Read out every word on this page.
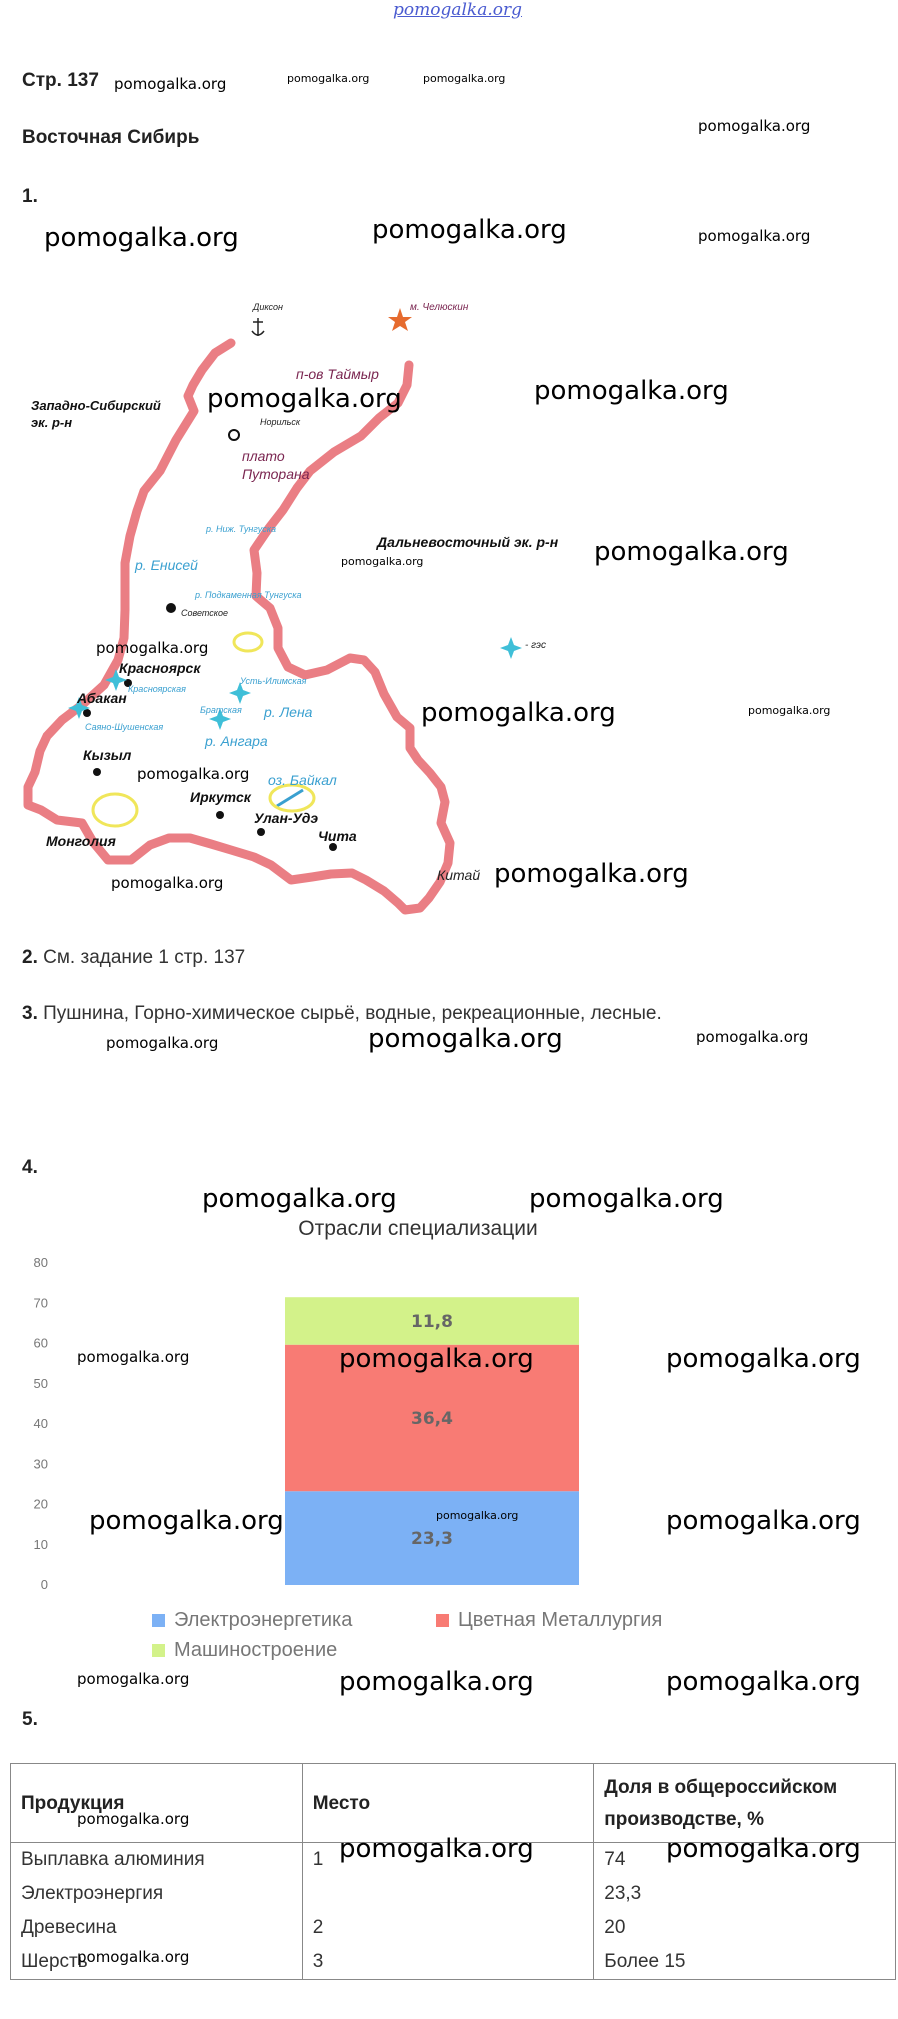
pomogalka.org
Стр. 137 pomogalka.org	pomogalka.org	pomogalka.org
Восточная Сибирь
pomogalka.org
1.
pomogalka.org	pomogalka.org	pomogalka.org
Диксон	м. Челюскин
п-ов Таймыр
Западно-Сибирский
эк. р-н	Норильск
плато
Путорана
р. Ниж. Тунгуска
р. Енисей
Дальневосточный эк. р-н
р. Подкаменная Тунгуска
Советское
- гэс
Красноярск
Красноярская
Усть-Илимская
Абакан
Братская р. Лена
Саяно-Шушенская
р. Ангара
Кызыл
оз. Байкал
Иркутск
Улан-Удэ
Чита
Монголия
Китай
pomogalka.org	pomogalka.org
pomogalka.org	pomogalka.org
pomogalka.org
pomogalka.org	pomogalka.org
pomogalka.org
pomogalka.org
pomogalka.org
2. См. задание 1 стр. 137
3. Пушнина, Горно-химическое сырьё, водные, рекреационные, лесные.
pomogalka.org	pomogalka.org	pomogalka.org
4.
Отрасли специализации
0
10
20
30
40
50
60
70
80
23,3
36,4
11,8
Электроэнергетика	Цветная Металлургия
Машиностроение
pomogalka.org	pomogalka.org
pomogalka.org	pomogalka.org	pomogalka.org
pomogalka.org	pomogalka.org	pomogalka.org
pomogalka.org	pomogalka.org	pomogalka.org
5.
Продукция	Место	Доля в общероссийском производстве, %
Выплавка алюминия	1	74
Электроэнергия		23,3
Древесина	2	20
Шерсть	3	Более 15
pomogalka.org
pomogalka.org	pomogalka.org
pomogalka.org
